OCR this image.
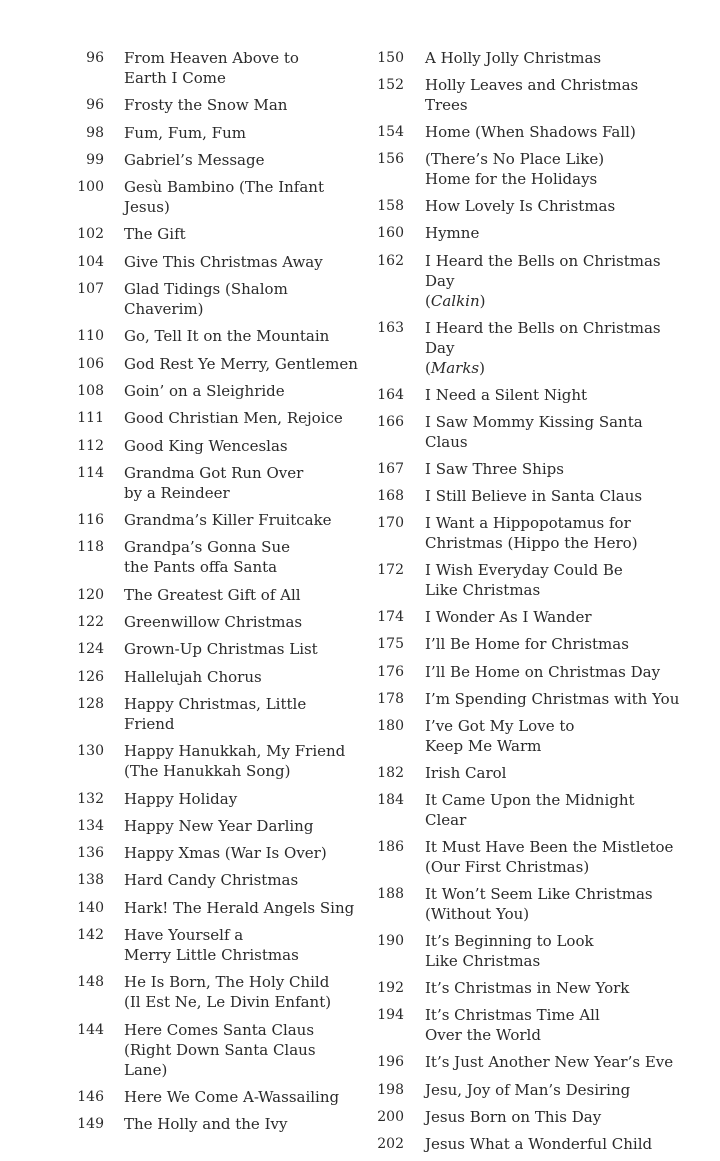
96 From Heaven Above to
Earth I Come
96 Frosty the Snow Man
98 Fum, Fum, Fum
99 Gabriel’s Message
100 Gesù Bambino (The Infant Jesus)
102 The Gift
104 Give This Christmas Away
107 Glad Tidings (Shalom Chaverim)
110 Go, Tell It on the Mountain
106 God Rest Ye Merry, Gentlemen
108 Goin’ on a Sleighride
111 Good Christian Men, Rejoice
112 Good King Wenceslas
114 Grandma Got Run Over
by a Reindeer
116 Grandma’s Killer Fruitcake
118 Grandpa’s Gonna Sue
the Pants offa Santa
120 The Greatest Gift of All
122 Greenwillow Christmas
124 Grown-Up Christmas List
126 Hallelujah Chorus
128 Happy Christmas, Little Friend
130 Happy Hanukkah, My Friend
(The Hanukkah Song)
132 Happy Holiday
134 Happy New Year Darling
136 Happy Xmas (War Is Over)
138 Hard Candy Christmas
140 Hark! The Herald Angels Sing
142 Have Yourself a
Merry Little Christmas
148 He Is Born, The Holy Child
(Il Est Ne, Le Divin Enfant)
144 Here Comes Santa Claus
(Right Down Santa Claus Lane)
146 Here We Come A-Wassailing
149 The Holly and the Ivy
150 A Holly Jolly Christmas
152 Holly Leaves and Christmas Trees
154 Home (When Shadows Fall)
156 (There’s No Place Like)
Home for the Holidays
158 How Lovely Is Christmas
160 Hymne
162 I Heard the Bells on Christmas Day
(Calkin)
163 I Heard the Bells on Christmas Day
(Marks)
164 I Need a Silent Night
166 I Saw Mommy Kissing Santa Claus
167 I Saw Three Ships
168 I Still Believe in Santa Claus
170 I Want a Hippopotamus for
Christmas (Hippo the Hero)
172 I Wish Everyday Could Be
Like Christmas
174 I Wonder As I Wander
175 I’ll Be Home for Christmas
176 I’ll Be Home on Christmas Day
178 I’m Spending Christmas with You
180 I’ve Got My Love to
Keep Me Warm
182 Irish Carol
184 It Came Upon the Midnight Clear
186 It Must Have Been the Mistletoe
(Our First Christmas)
188 It Won’t Seem Like Christmas
(Without You)
190 It’s Beginning to Look
Like Christmas
192 It’s Christmas in New York
194 It’s Christmas Time All
Over the World
196 It’s Just Another New Year’s Eve
198 Jesu, Joy of Man’s Desiring
200 Jesus Born on This Day
202 Jesus What a Wonderful Child
